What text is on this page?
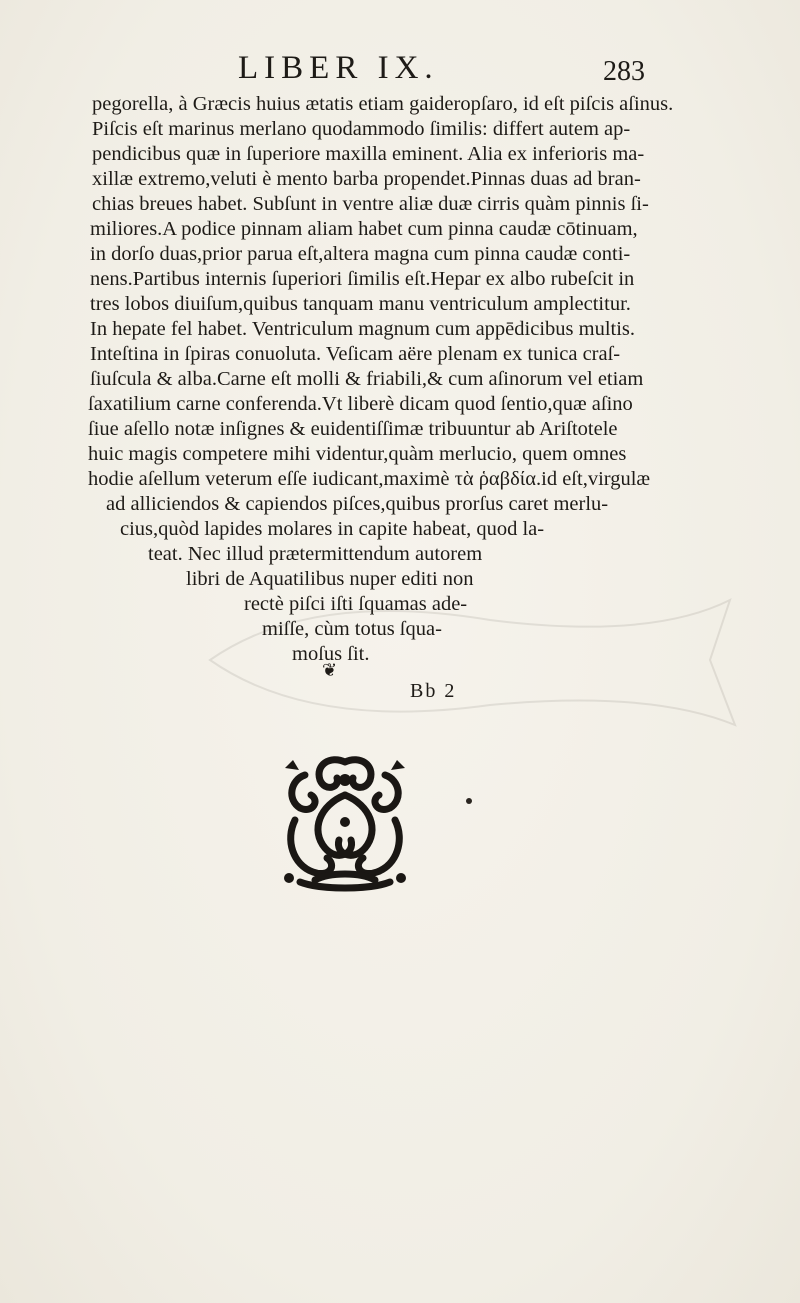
LIBER IX.	283
pegorella, à Græcis huius ætatis etiam gaideropſaro, id eſt piſcis aſinus.
Piſcis eſt marinus merlano quodammodo ſimilis: differt autem ap-
pendicibus quæ in ſuperiore maxilla eminent. Alia ex inferioris ma-
xillæ extremo,veluti è mento barba propendet.Pinnas duas ad bran-
chias breues habet. Subſunt in ventre aliæ duæ cirris quàm pinnis ſi-
miliores.A podice pinnam aliam habet cum pinna caudæ cōtinuam,
in dorſo duas,prior parua eſt,altera magna cum pinna caudæ conti-
nens.Partibus internis ſuperiori ſimilis eſt.Hepar ex albo rubeſcit in
tres lobos diuiſum,quibus tanquam manu ventriculum amplectitur.
In hepate fel habet. Ventriculum magnum cum appēdicibus multis.
Inteſtina in ſpiras conuoluta. Veſicam aëre plenam ex tunica craſ-
ſiuſcula & alba.Carne eſt molli & friabili,& cum aſinorum vel etiam
ſaxatilium carne conferenda.Vt liberè dicam quod ſentio,quæ aſino
ſiue aſello notæ inſignes & euidentiſſimæ tribuuntur ab Ariſtotele
huic magis competere mihi videntur,quàm merlucio, quem omnes
hodie aſellum veterum eſſe iudicant,maximè τὰ ῥαβδία.id eſt,virgulæ
ad alliciendos & capiendos piſces,quibus prorſus caret merlu-
cius,quòd lapides molares in capite habeat, quod la-
teat. Nec illud prætermittendum autorem
libri de Aquatilibus nuper editi non
rectè piſci iſti ſquamas ade-
miſſe, cùm totus ſqua-
moſus ſit.
❦
Bb 2
